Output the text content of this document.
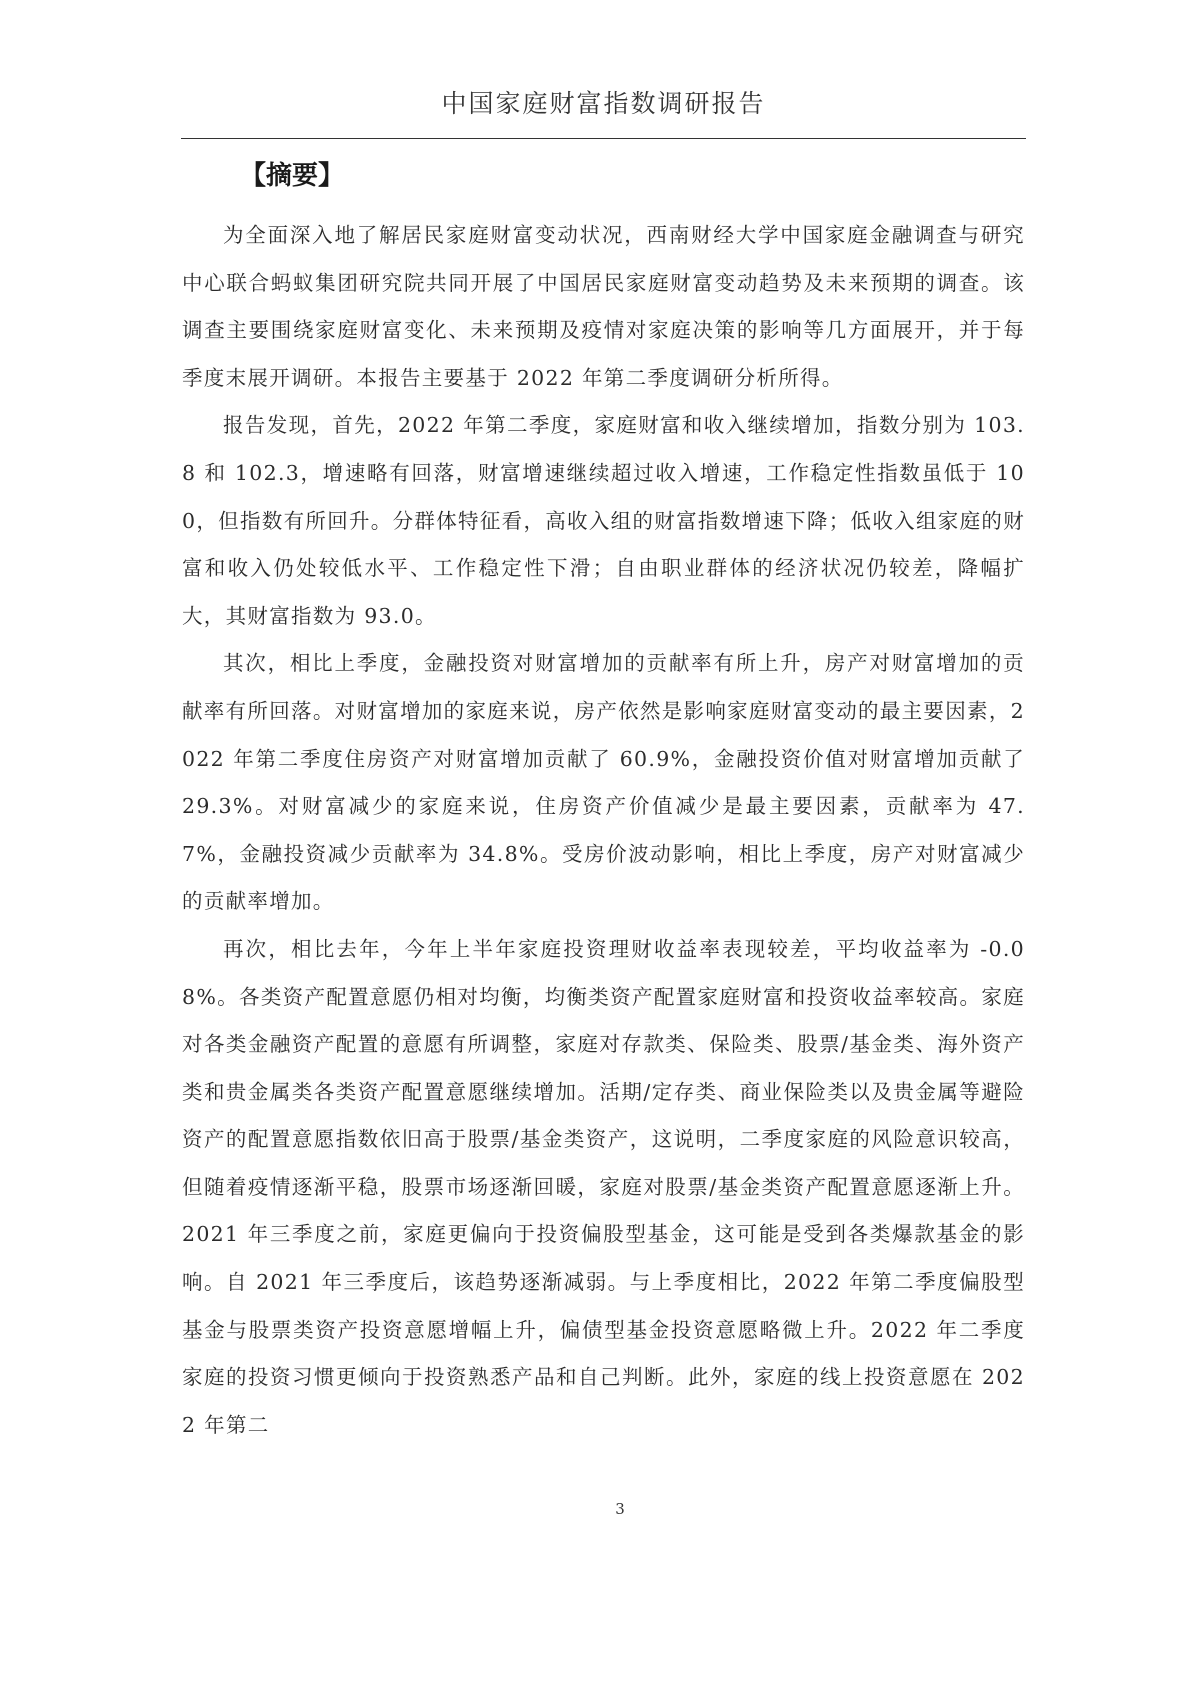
中国家庭财富指数调研报告
【摘要】

为全面深入地了解居民家庭财富变动状况，西南财经大学中国家庭金融调查与研究中心联合蚂蚁集团研究院共同开展了中国居民家庭财富变动趋势及未来预期的调查。该调查主要围绕家庭财富变化、未来预期及疫情对家庭决策的影响等几方面展开，并于每季度末展开调研。本报告主要基于 2022 年第二季度调研分析所得。

报告发现，首先，2022 年第二季度，家庭财富和收入继续增加，指数分别为 103.8 和 102.3，增速略有回落，财富增速继续超过收入增速，工作稳定性指数虽低于 100，但指数有所回升。分群体特征看，高收入组的财富指数增速下降；低收入组家庭的财富和收入仍处较低水平、工作稳定性下滑；自由职业群体的经济状况仍较差，降幅扩大，其财富指数为 93.0。

其次，相比上季度，金融投资对财富增加的贡献率有所上升，房产对财富增加的贡献率有所回落。对财富增加的家庭来说，房产依然是影响家庭财富变动的最主要因素，2022 年第二季度住房资产对财富增加贡献了 60.9%，金融投资价值对财富增加贡献了 29.3%。对财富减少的家庭来说，住房资产价值减少是最主要因素，贡献率为 47.7%，金融投资减少贡献率为 34.8%。受房价波动影响，相比上季度，房产对财富减少的贡献率增加。

再次，相比去年，今年上半年家庭投资理财收益率表现较差，平均收益率为 -0.08%。各类资产配置意愿仍相对均衡，均衡类资产配置家庭财富和投资收益率较高。家庭对各类金融资产配置的意愿有所调整，家庭对存款类、保险类、股票/基金类、海外资产类和贵金属类各类资产配置意愿继续增加。活期/定存类、商业保险类以及贵金属等避险资产的配置意愿指数依旧高于股票/基金类资产，这说明，二季度家庭的风险意识较高，但随着疫情逐渐平稳，股票市场逐渐回暖，家庭对股票/基金类资产配置意愿逐渐上升。2021 年三季度之前，家庭更偏向于投资偏股型基金，这可能是受到各类爆款基金的影响。自 2021 年三季度后，该趋势逐渐减弱。与上季度相比，2022 年第二季度偏股型基金与股票类资产投资意愿增幅上升，偏债型基金投资意愿略微上升。2022 年二季度家庭的投资习惯更倾向于投资熟悉产品和自己判断。此外，家庭的线上投资意愿在 2022 年第二

3
